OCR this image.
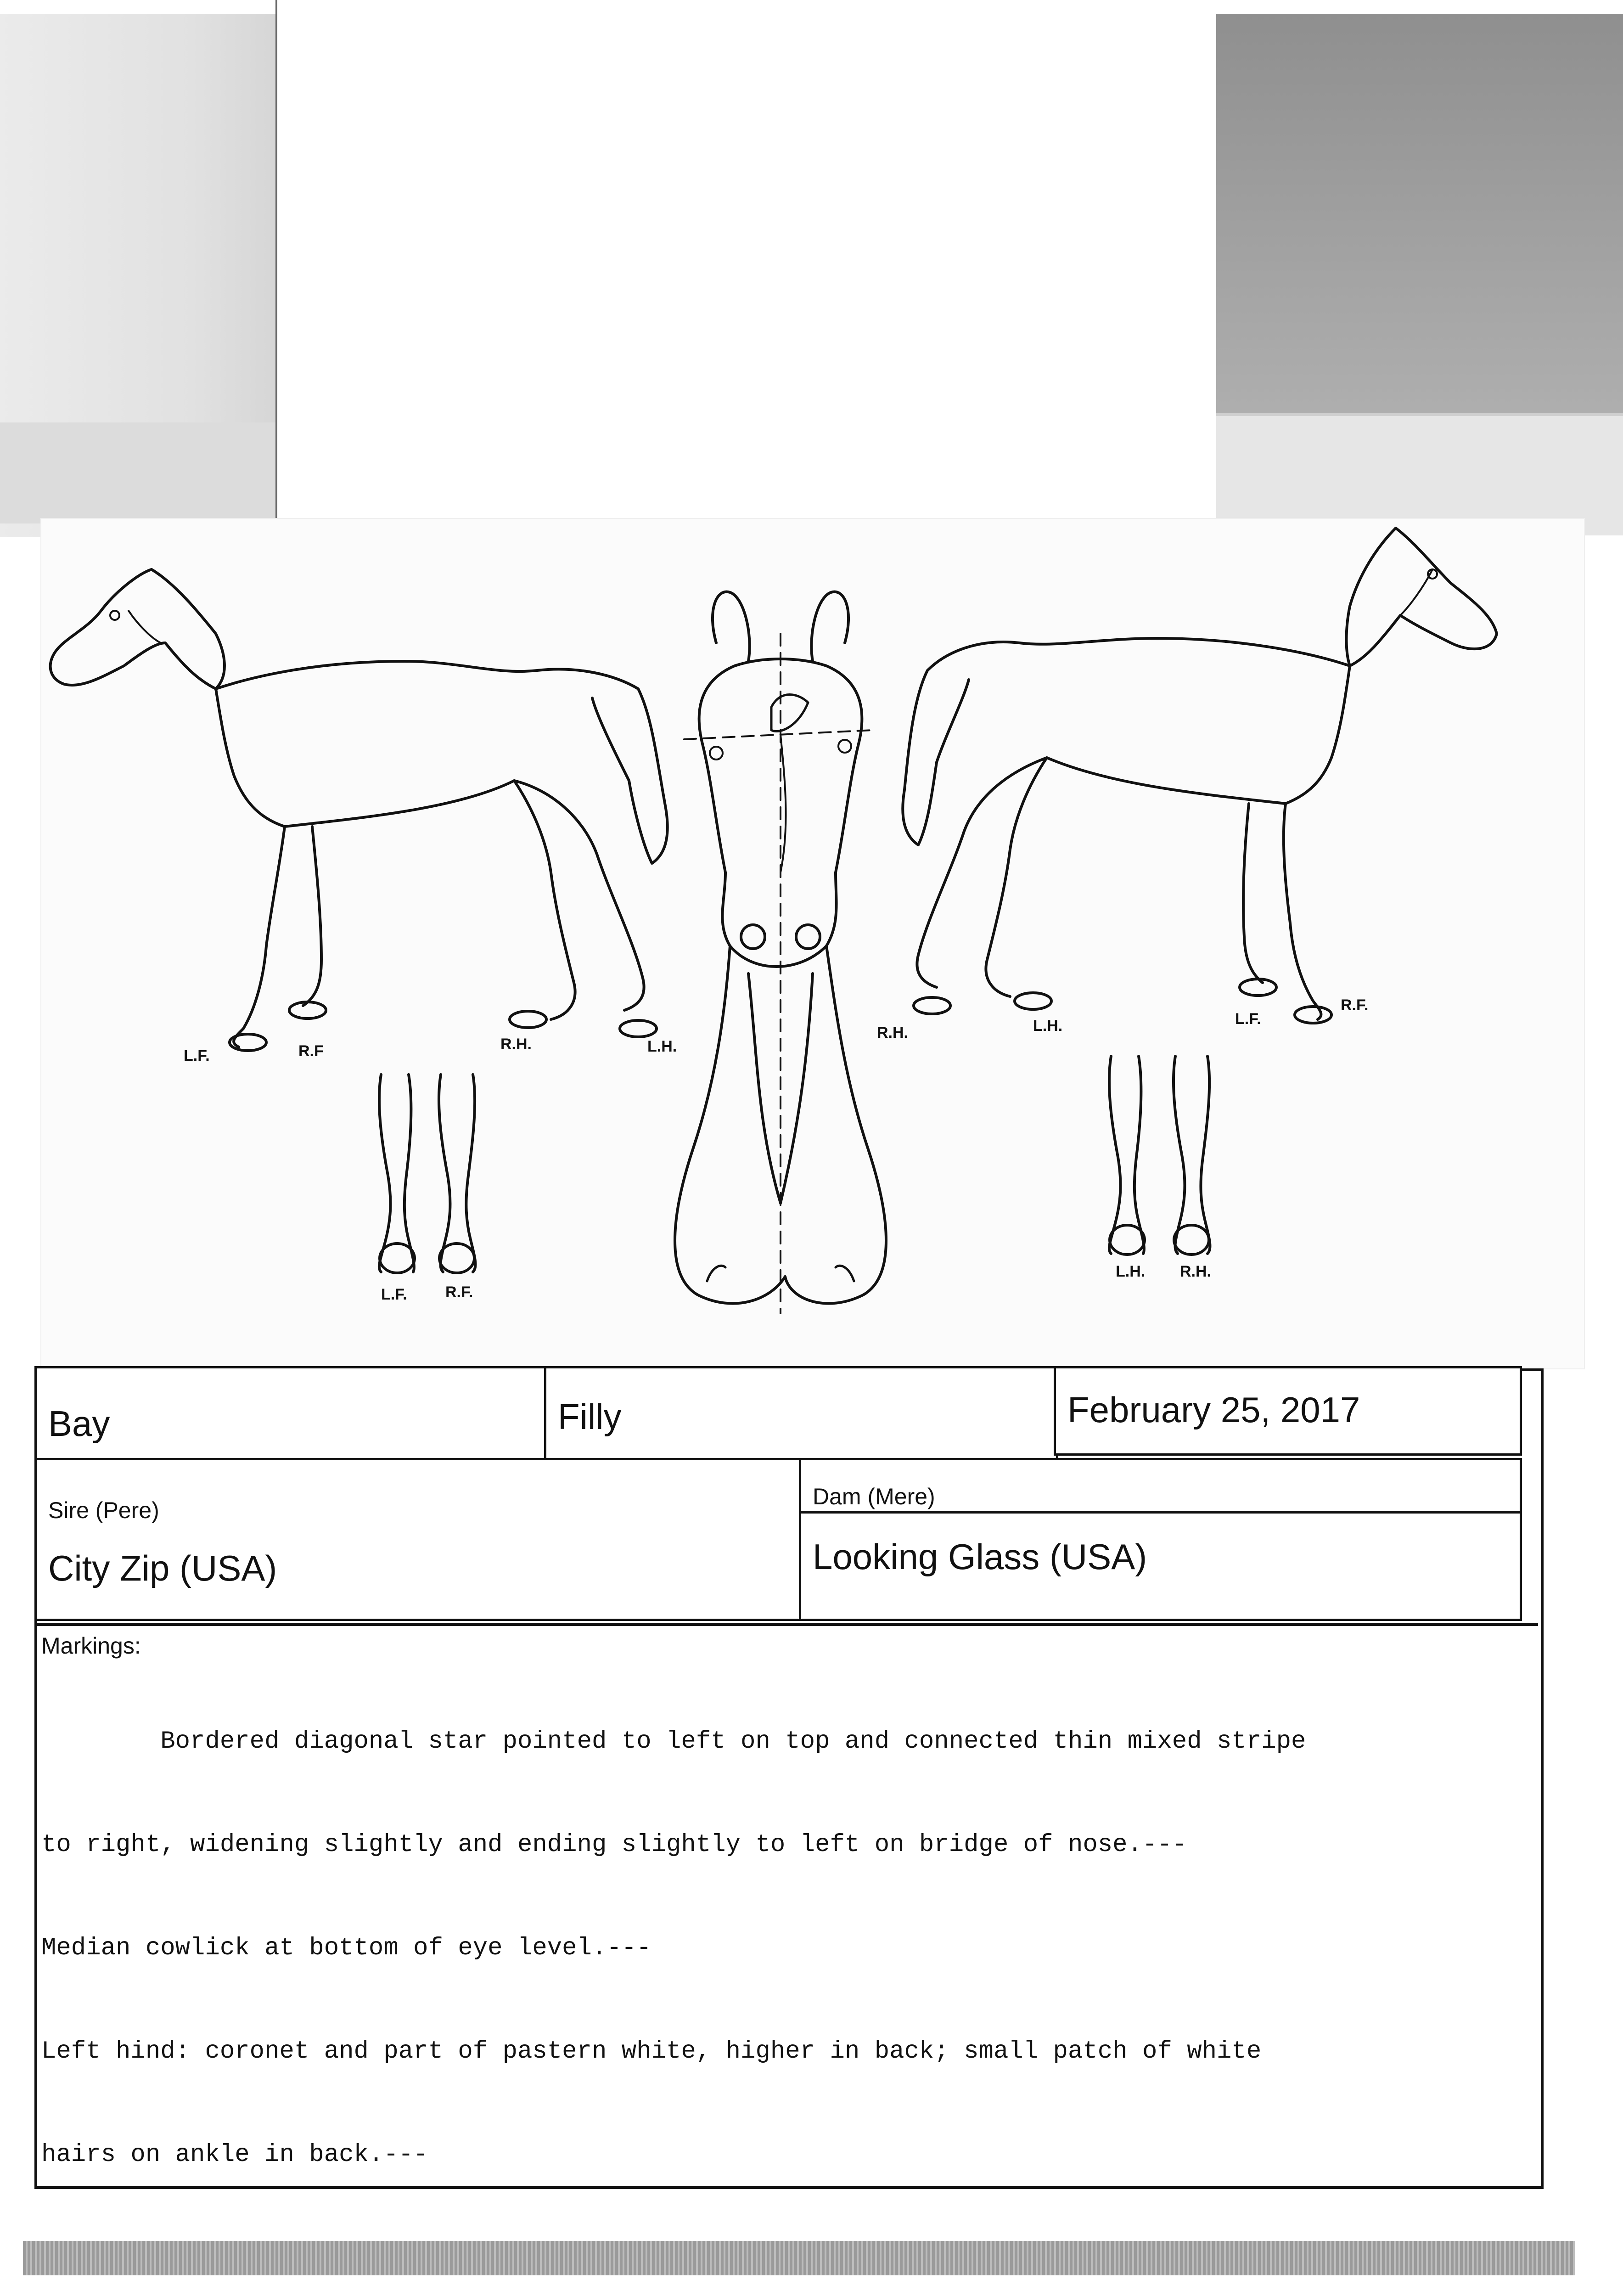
L.F.	R.F	R.H.	L.H.
L.F. R.F.
R.H.	L.H.	L.F.
R.F.
L.H. R.H.
Bay	Filly	February 25, 2017
Sire (Pere)
City Zip (USA)
Dam (Mere)
Looking Glass (USA)
Markings:

Bordered diagonal star pointed to left on top and connected thin mixed stripe

to right, widening slightly and ending slightly to left on bridge of nose.---

Median cowlick at bottom of eye level.---

Left hind: coronet and part of pastern white, higher in back; small patch of white

hairs on ankle in back.---
